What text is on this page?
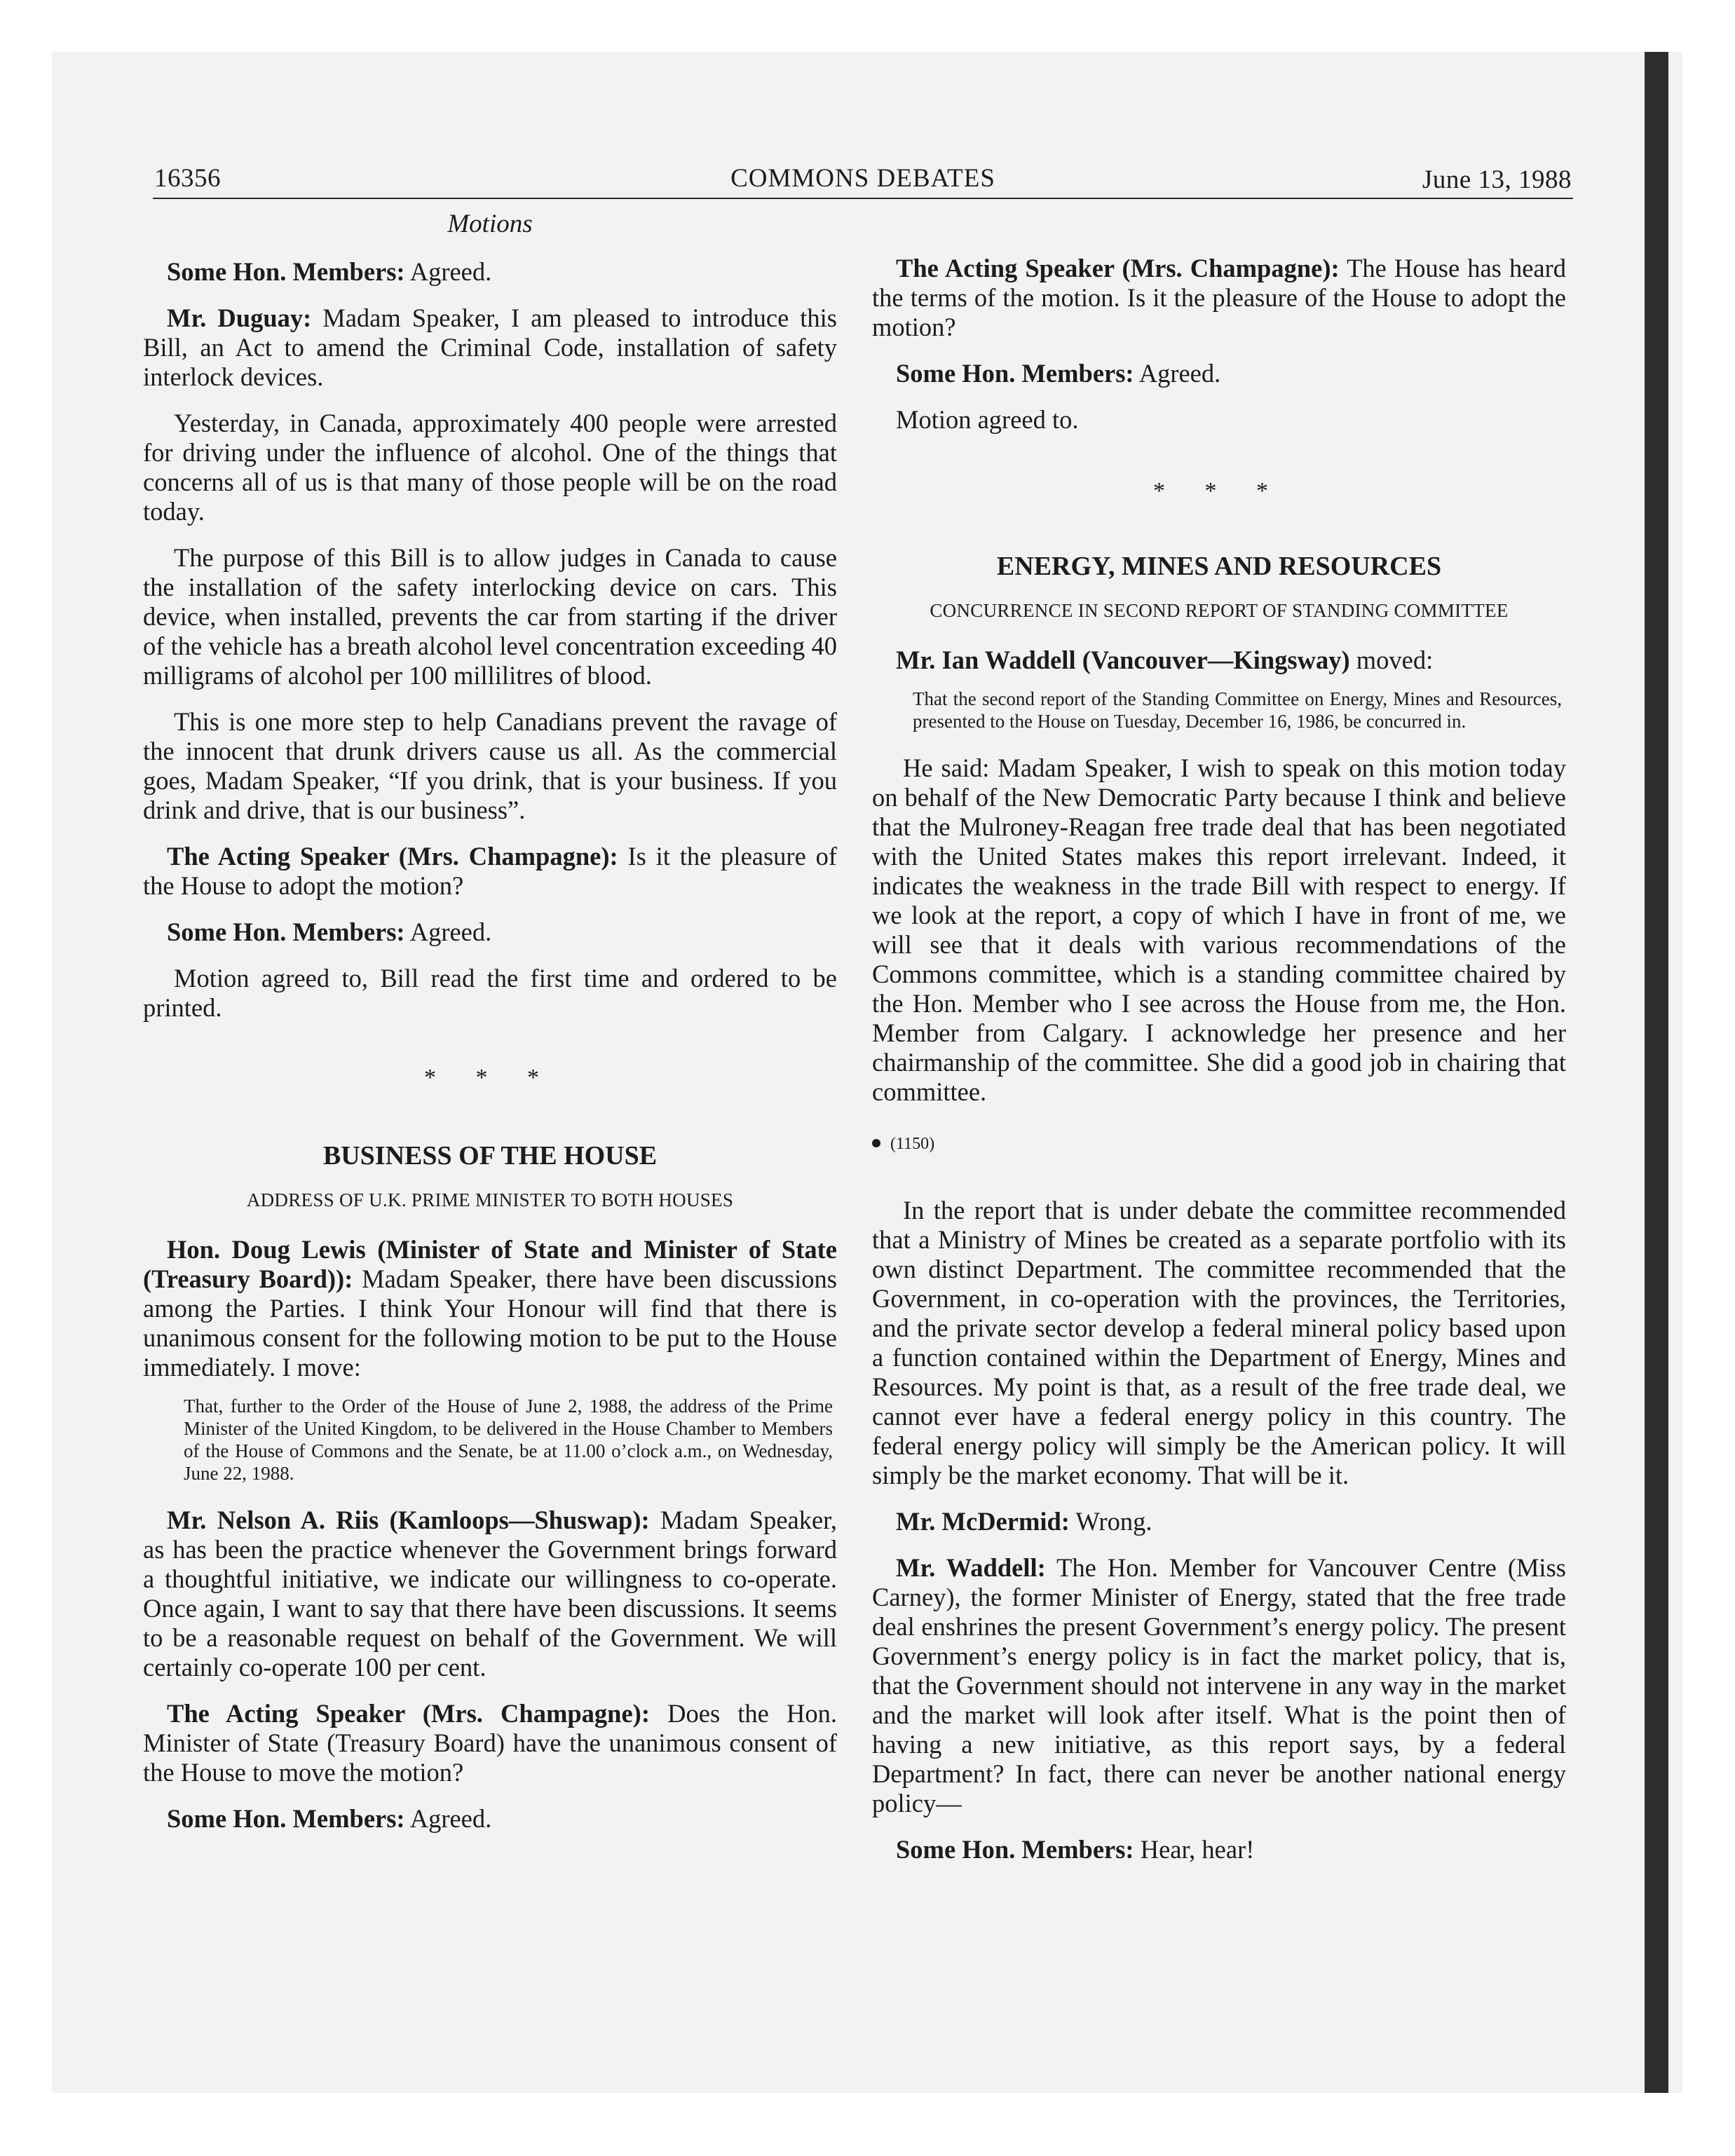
16356	COMMONS DEBATES	June 13, 1988
Motions

Some Hon. Members: Agreed.

Mr. Duguay: Madam Speaker, I am pleased to introduce this Bill, an Act to amend the Criminal Code, installation of safety interlock devices.

Yesterday, in Canada, approximately 400 people were arrested for driving under the influence of alcohol. One of the things that concerns all of us is that many of those people will be on the road today.

The purpose of this Bill is to allow judges in Canada to cause the installation of the safety interlocking device on cars. This device, when installed, prevents the car from starting if the driver of the vehicle has a breath alcohol level concentration exceeding 40 milligrams of alcohol per 100 millilitres of blood.

This is one more step to help Canadians prevent the ravage of the innocent that drunk drivers cause us all. As the commercial goes, Madam Speaker, “If you drink, that is your business. If you drink and drive, that is our business”.

The Acting Speaker (Mrs. Champagne): Is it the pleasure of the House to adopt the motion?

Some Hon. Members: Agreed.

Motion agreed to, Bill read the first time and ordered to be printed.

* * *
BUSINESS OF THE HOUSE
ADDRESS OF U.K. PRIME MINISTER TO BOTH HOUSES

Hon. Doug Lewis (Minister of State and Minister of State (Treasury Board)): Madam Speaker, there have been discussions among the Parties. I think Your Honour will find that there is unanimous consent for the following motion to be put to the House immediately. I move:

That, further to the Order of the House of June 2, 1988, the address of the Prime Minister of the United Kingdom, to be delivered in the House Chamber to Members of the House of Commons and the Senate, be at 11.00 o’clock a.m., on Wednesday, June 22, 1988.

Mr. Nelson A. Riis (Kamloops—Shuswap): Madam Speaker, as has been the practice whenever the Government brings forward a thoughtful initiative, we indicate our willingness to co-operate. Once again, I want to say that there have been discussions. It seems to be a reasonable request on behalf of the Government. We will certainly co-operate 100 per cent.

The Acting Speaker (Mrs. Champagne): Does the Hon. Minister of State (Treasury Board) have the unanimous consent of the House to move the motion?

Some Hon. Members: Agreed.

The Acting Speaker (Mrs. Champagne): The House has heard the terms of the motion. Is it the pleasure of the House to adopt the motion?

Some Hon. Members: Agreed.

Motion agreed to.

* * *
ENERGY, MINES AND RESOURCES
CONCURRENCE IN SECOND REPORT OF STANDING COMMITTEE

Mr. Ian Waddell (Vancouver—Kingsway) moved:

That the second report of the Standing Committee on Energy, Mines and Resources, presented to the House on Tuesday, December 16, 1986, be concurred in.

He said: Madam Speaker, I wish to speak on this motion today on behalf of the New Democratic Party because I think and believe that the Mulroney-Reagan free trade deal that has been negotiated with the United States makes this report irrelevant. Indeed, it indicates the weakness in the trade Bill with respect to energy. If we look at the report, a copy of which I have in front of me, we will see that it deals with various recommendations of the Commons committee, which is a standing committee chaired by the Hon. Member who I see across the House from me, the Hon. Member from Calgary. I acknowledge her presence and her chairmanship of the committee. She did a good job in chairing that committee.

(1150)

In the report that is under debate the committee recommended that a Ministry of Mines be created as a separate portfolio with its own distinct Department. The committee recommended that the Government, in co-operation with the provinces, the Territories, and the private sector develop a federal mineral policy based upon a function contained within the Department of Energy, Mines and Resources. My point is that, as a result of the free trade deal, we cannot ever have a federal energy policy in this country. The federal energy policy will simply be the American policy. It will simply be the market economy. That will be it.

Mr. McDermid: Wrong.

Mr. Waddell: The Hon. Member for Vancouver Centre (Miss Carney), the former Minister of Energy, stated that the free trade deal enshrines the present Government’s energy policy. The present Government’s energy policy is in fact the market policy, that is, that the Government should not intervene in any way in the market and the market will look after itself. What is the point then of having a new initiative, as this report says, by a federal Department? In fact, there can never be another national energy policy—

Some Hon. Members: Hear, hear!
